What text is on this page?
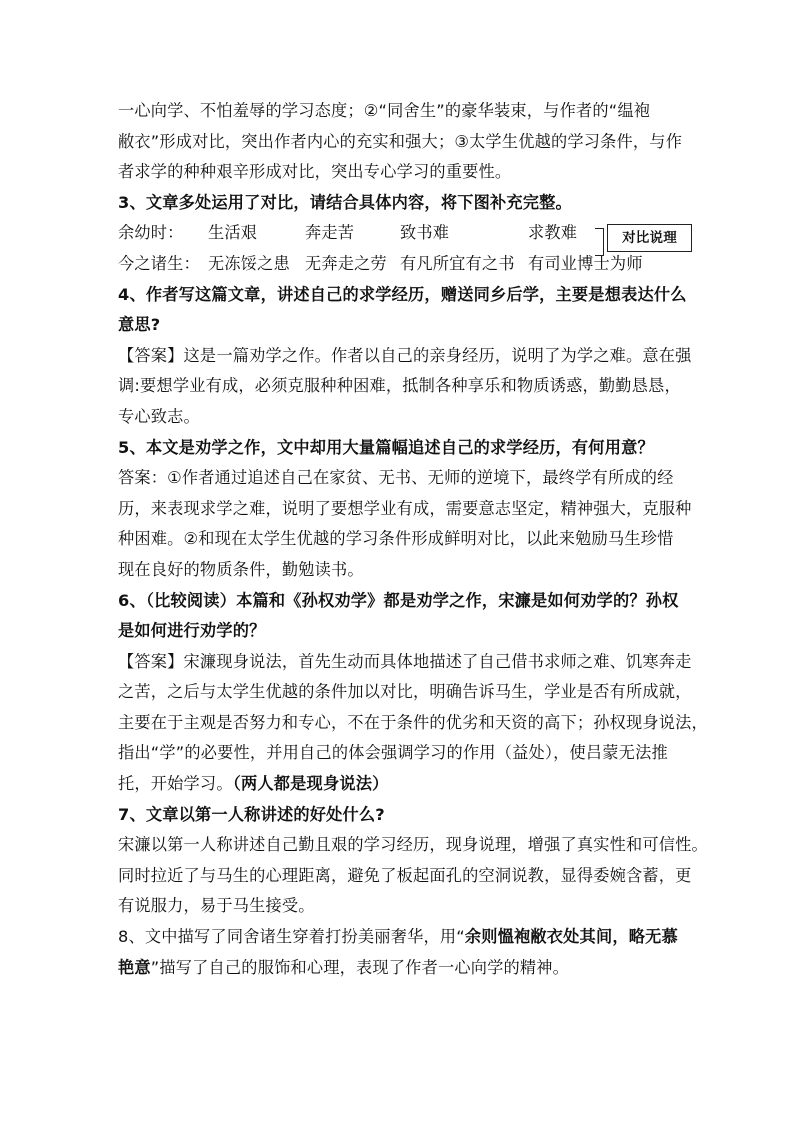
一心向学、不怕羞辱的学习态度；②“同舍生”的豪华装束，与作者的“缊袍

敝衣”形成对比，突出作者内心的充实和强大；③太学生优越的学习条件，与作

者求学的种种艰辛形成对比，突出专心学习的重要性。

3、文章多处运用了对比，请结合具体内容，将下图补充完整。

余幼时： 生活艰	奔走苦	致书难	求教难
今之诸生： 无冻馁之患 无奔走之劳 有凡所宜有之书 有司业博士为师

4、作者写这篇文章，讲述自己的求学经历，赠送同乡后学，主要是想表达什么

意思?

【答案】这是一篇劝学之作。作者以自己的亲身经历，说明了为学之难。意在强

调:要想学业有成，必须克服种种困难，抵制各种享乐和物质诱惑，勤勤恳恳，

专心致志。

5、本文是劝学之作，文中却用大量篇幅追述自己的求学经历，有何用意？

答案：①作者通过追述自己在家贫、无书、无师的逆境下，最终学有所成的经

历，来表现求学之难，说明了要想学业有成，需要意志坚定，精神强大，克服种

种困难。②和现在太学生优越的学习条件形成鲜明对比，以此来勉励马生珍惜

现在良好的物质条件，勤勉读书。

6、（比较阅读）本篇和《孙权劝学》都是劝学之作，宋濂是如何劝学的？孙权

是如何进行劝学的？

【答案】宋濂现身说法，首先生动而具体地描述了自己借书求师之难、饥寒奔走

之苦，之后与太学生优越的条件加以对比，明确告诉马生，学业是否有所成就，

主要在于主观是否努力和专心，不在于条件的优劣和天资的高下；孙权现身说法，

指出“学”的必要性，并用自己的体会强调学习的作用（益处），使吕蒙无法推

托，开始学习。（两人都是现身说法）

7、文章以第一人称讲述的好处什么?

宋濂以第一人称讲述自己勤且艰的学习经历，现身说理，增强了真实性和可信性。

同时拉近了与马生的心理距离，避免了板起面孔的空洞说教，显得委婉含蓄，更

有说服力，易于马生接受。

8、文中描写了同舍诸生穿着打扮美丽奢华，用“余则慍袍敝衣处其间，略无慕

艳意”描写了自己的服饰和心理，表现了作者一心向学的精神。

对比说理
